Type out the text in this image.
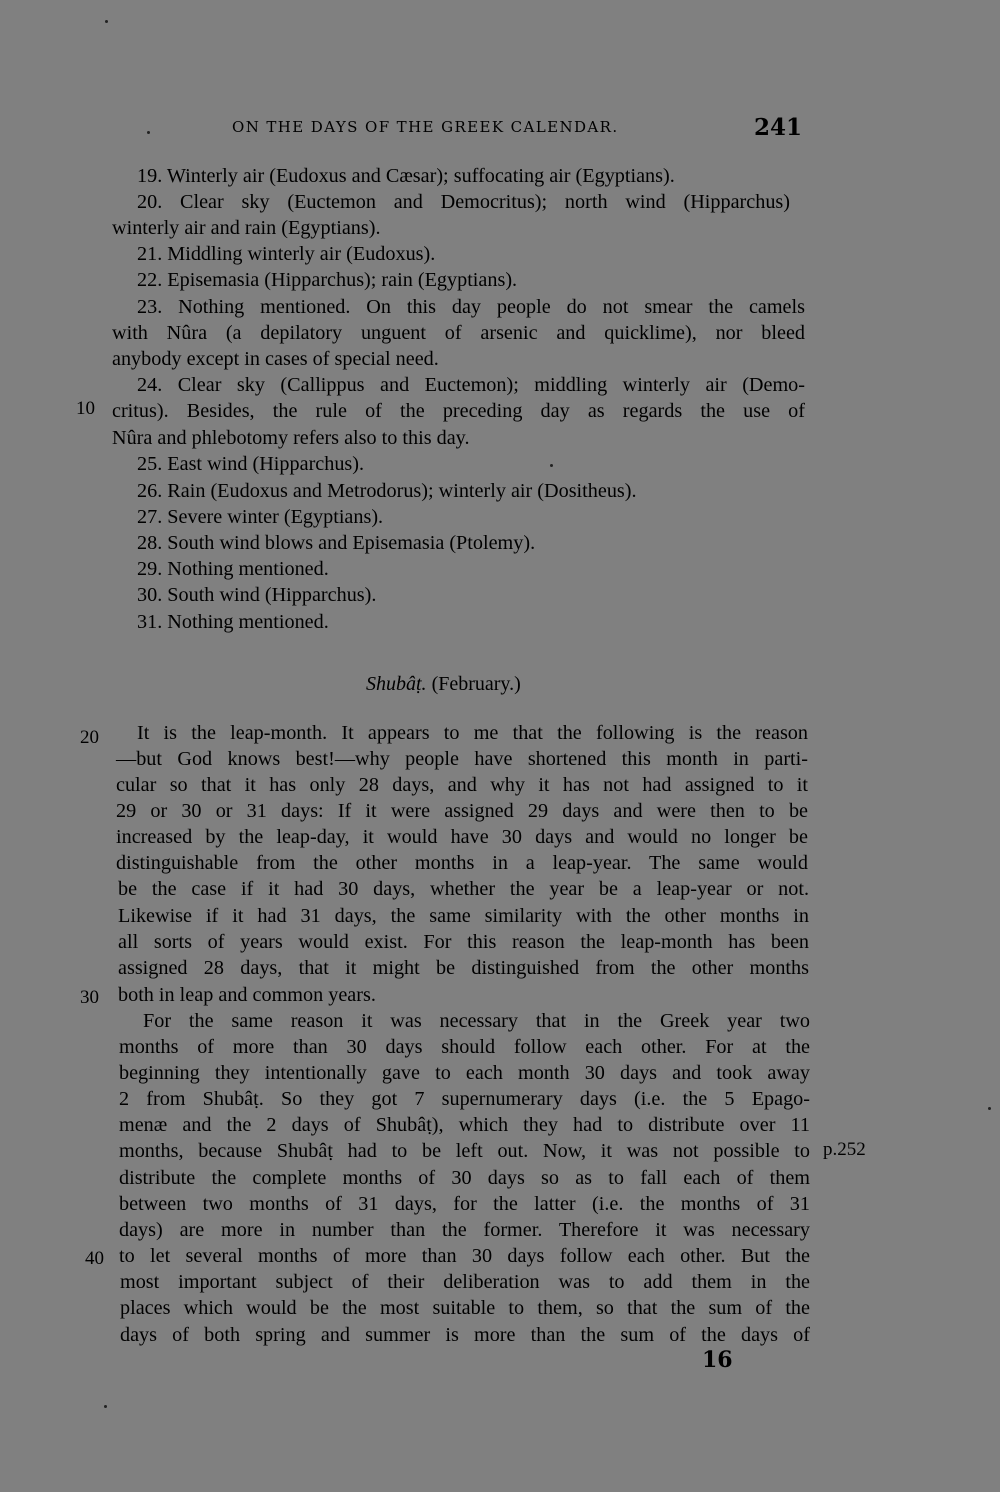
ON THE DAYS OF THE GREEK CALENDAR.	241
19. Winterly air (Eudoxus and Cæsar); suffocating air (Egyptians).
20. Clear sky (Euctemon and Democritus); north wind (Hipparchus)
winterly air and rain (Egyptians).
21. Middling winterly air (Eudoxus).
22. Episemasia (Hipparchus); rain (Egyptians).
23. Nothing mentioned. On this day people do not smear the camels
with Nûra (a depilatory unguent of arsenic and quicklime), nor bleed
anybody except in cases of special need.
24. Clear sky (Callippus and Euctemon); middling winterly air (Demo-
critus). Besides, the rule of the preceding day as regards the use of
Nûra and phlebotomy refers also to this day.
25. East wind (Hipparchus).
26. Rain (Eudoxus and Metrodorus); winterly air (Dositheus).
27. Severe winter (Egyptians).
28. South wind blows and Episemasia (Ptolemy).
29. Nothing mentioned.
30. South wind (Hipparchus).
31. Nothing mentioned.
Shubâṭ. (February.)
It is the leap-month. It appears to me that the following is the reason
—but God knows best!—why people have shortened this month in parti-
cular so that it has only 28 days, and why it has not had assigned to it
29 or 30 or 31 days: If it were assigned 29 days and were then to be
increased by the leap-day, it would have 30 days and would no longer be
distinguishable from the other months in a leap-year. The same would
be the case if it had 30 days, whether the year be a leap-year or not.
Likewise if it had 31 days, the same similarity with the other months in
all sorts of years would exist. For this reason the leap-month has been
assigned 28 days, that it might be distinguished from the other months
both in leap and common years.
For the same reason it was necessary that in the Greek year two
months of more than 30 days should follow each other. For at the
beginning they intentionally gave to each month 30 days and took away
2 from Shubâṭ. So they got 7 supernumerary days (i.e. the 5 Epago-
menæ and the 2 days of Shubâṭ), which they had to distribute over 11
months, because Shubâṭ had to be left out. Now, it was not possible to
distribute the complete months of 30 days so as to fall each of them
between two months of 31 days, for the latter (i.e. the months of 31
days) are more in number than the former. Therefore it was necessary
to let several months of more than 30 days follow each other. But the
most important subject of their deliberation was to add them in the
places which would be the most suitable to them, so that the sum of the
days of both spring and summer is more than the sum of the days of
10
20
30
40
p.252
16
